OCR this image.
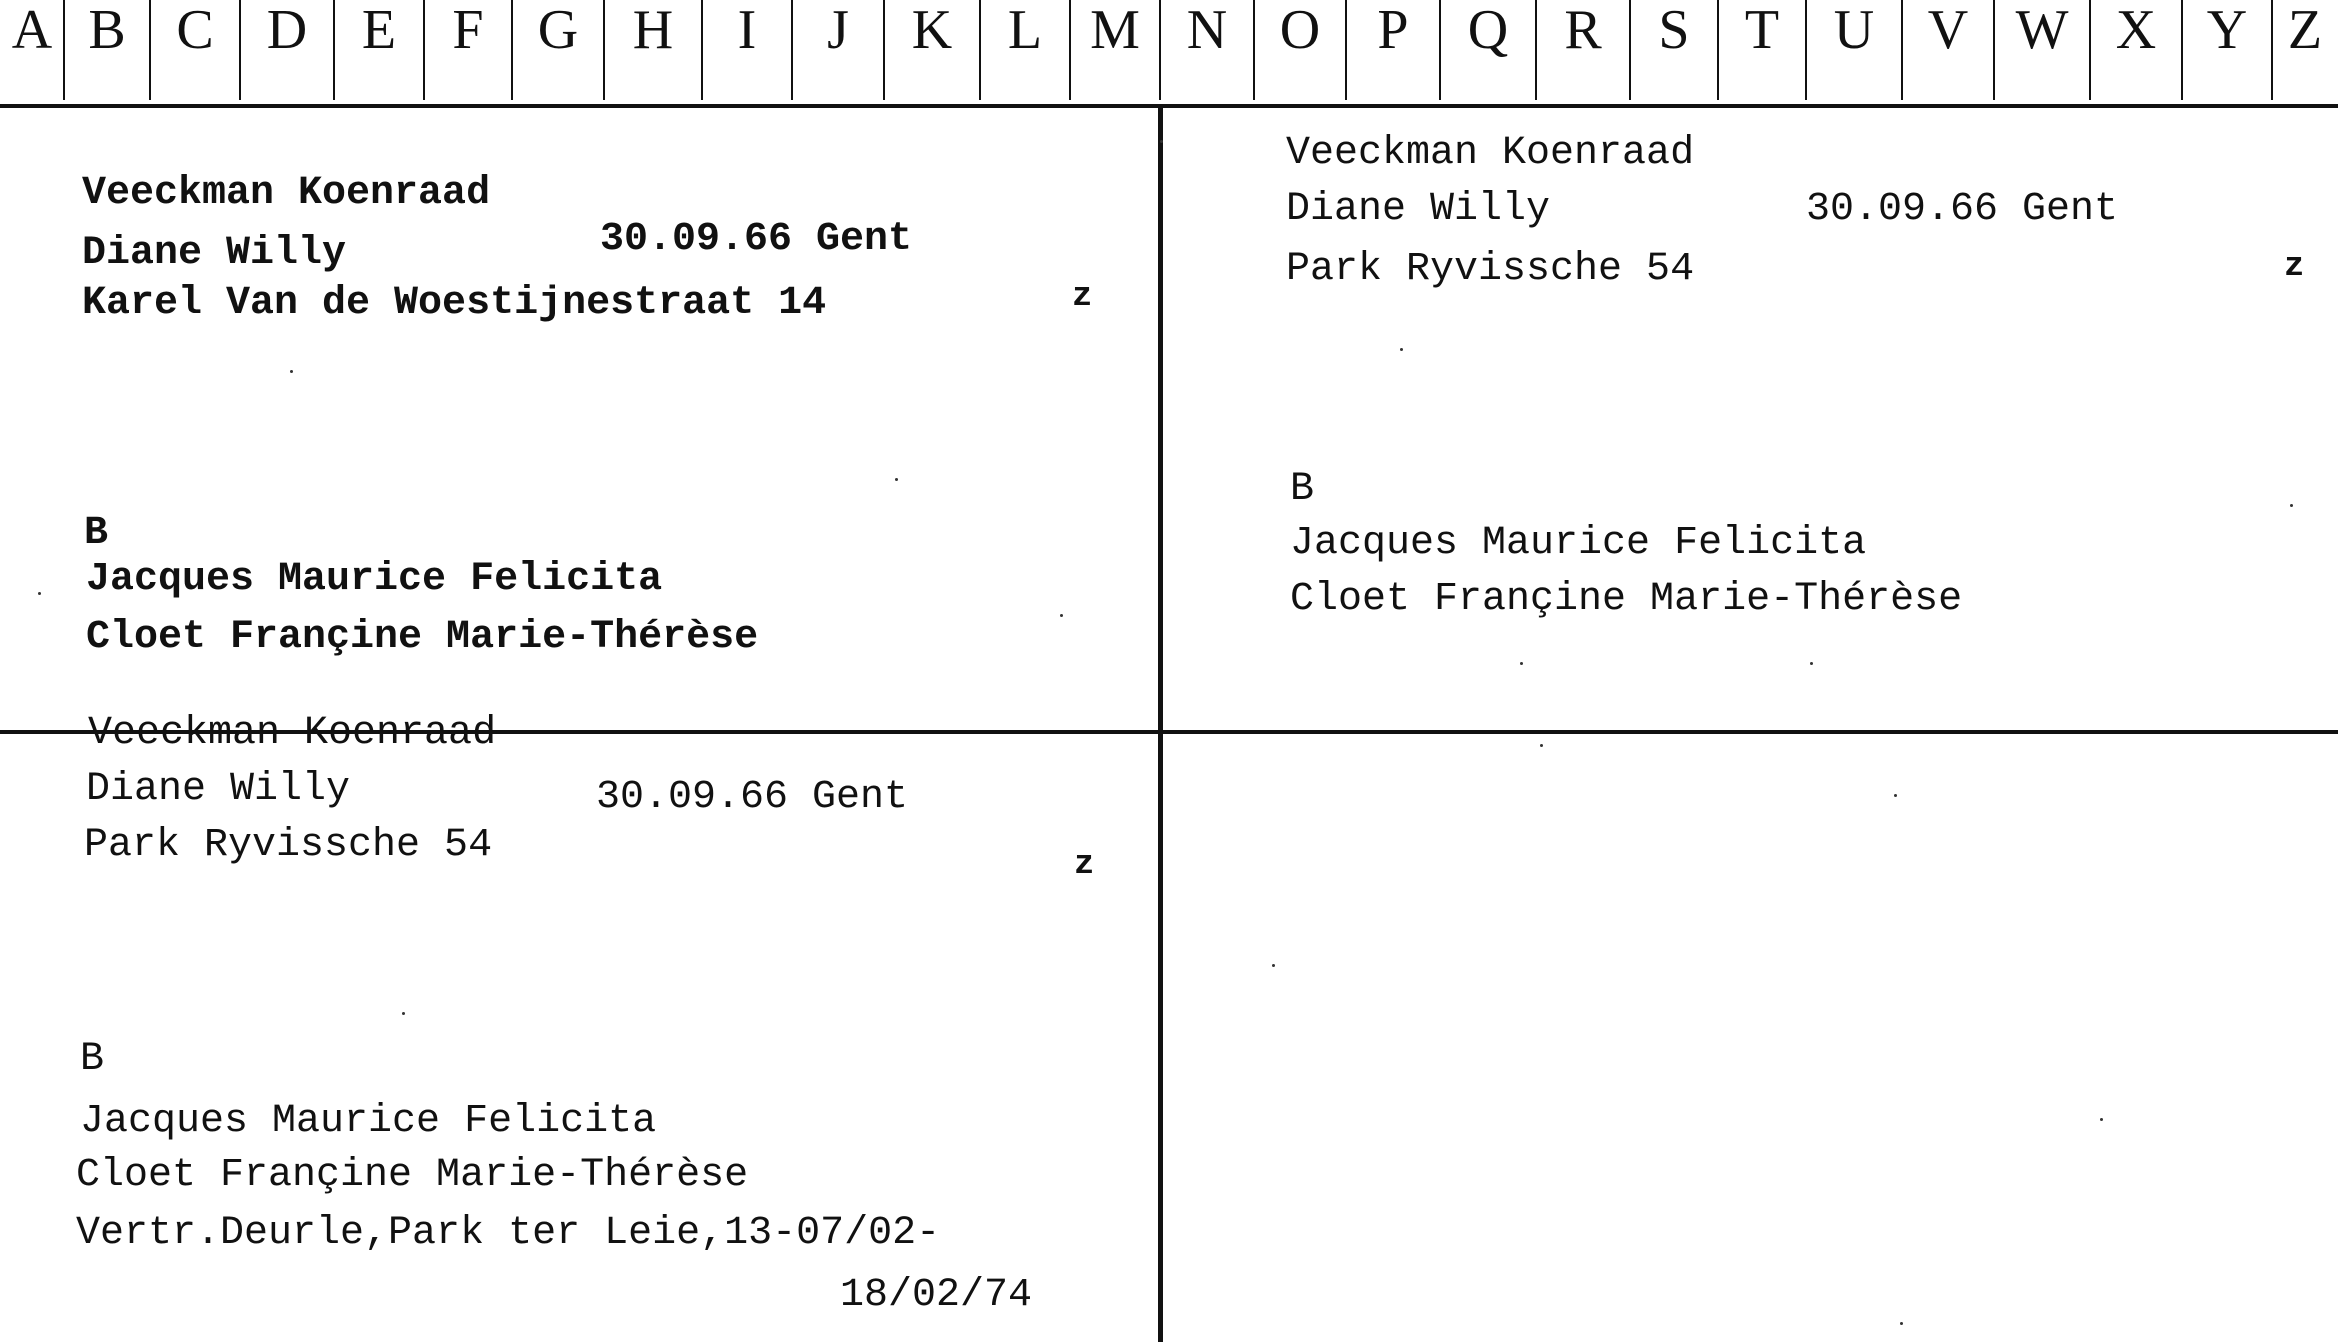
A B C D E	F G H	I	J	K L M N O	P	Q	R	S T U V W X Y Z
Veeckman Koenraad
Diane Willy	30.09.66 Gent
Karel Van de Woestijnestraat 14	z
B
Jacques Maurice Felicita
Cloet Françine Marie-Thérèse
Veeckman Koenraad
Diane Willy	30.09.66 Gent
Park Ryvissche 54	z
B
Jacques Maurice Felicita
Cloet Françine Marie-Thérèse
Veeckman Koenraad
Diane Willy	30.09.66 Gent
Park Ryvissche 54	z
B
Jacques Maurice Felicita
Cloet Françine Marie-Thérèse
Vertr.Deurle,Park ter Leie,13-07/02-
18/02/74
